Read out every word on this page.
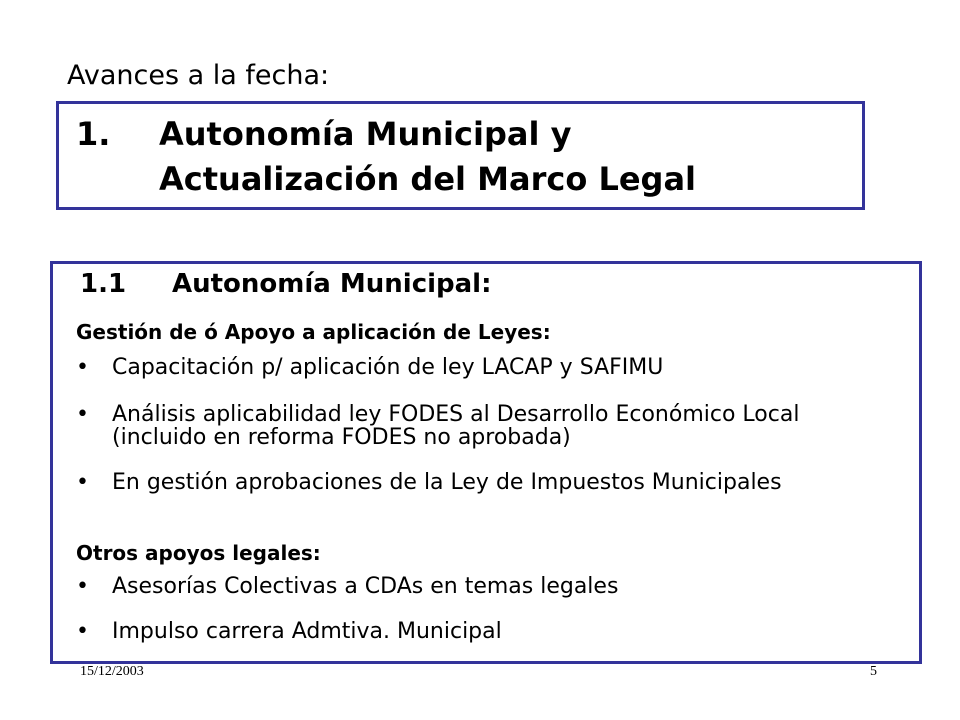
Avances a la fecha:
1. Autonomía Municipal y
Actualización del Marco Legal
1.1 Autonomía Municipal:
Gestión de ó Apoyo a aplicación de Leyes:
• Capacitación p/ aplicación de ley LACAP y SAFIMU
• Análisis aplicabilidad ley FODES al Desarrollo Económico Local (incluido en reforma FODES no aprobada)
• En gestión aprobaciones de la Ley de Impuestos Municipales
Otros apoyos legales:
• Asesorías Colectivas a CDAs en temas legales
• Impulso carrera Admtiva. Municipal
15/12/2003	5
